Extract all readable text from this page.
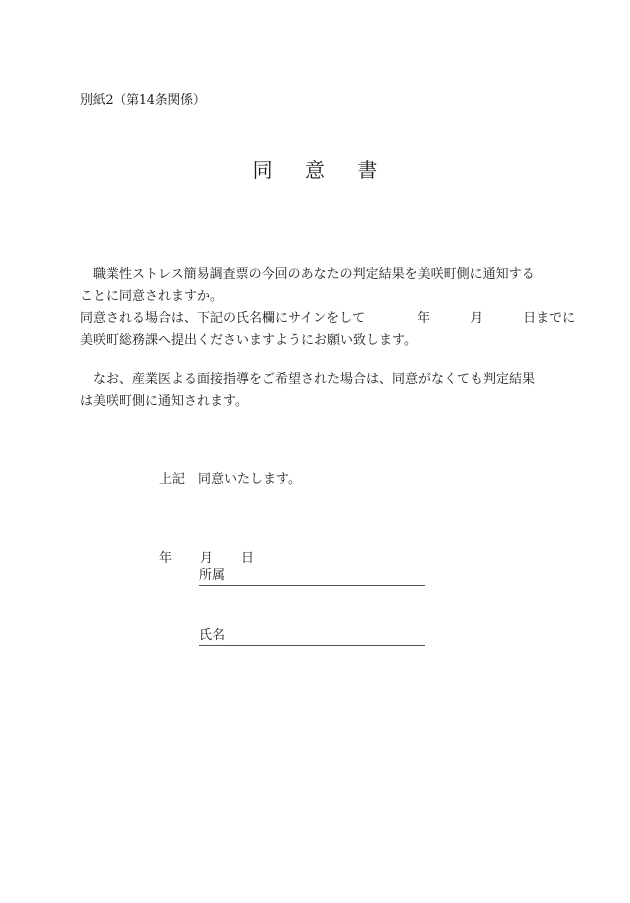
別紙2（第14条関係）
同 意 書
職業性ストレス簡易調査票の今回のあなたの判定結果を美咲町側に通知する
ことに同意されますか。
同意される場合は、下記の氏名欄にサインをして	年	月	日までに
美咲町総務課へ提出くださいますようにお願い致します。
なお、産業医よる面接指導をご希望された場合は、同意がなくても判定結果
は美咲町側に通知されます。
上記 同意いたします。
年 月 日
所属
氏名
